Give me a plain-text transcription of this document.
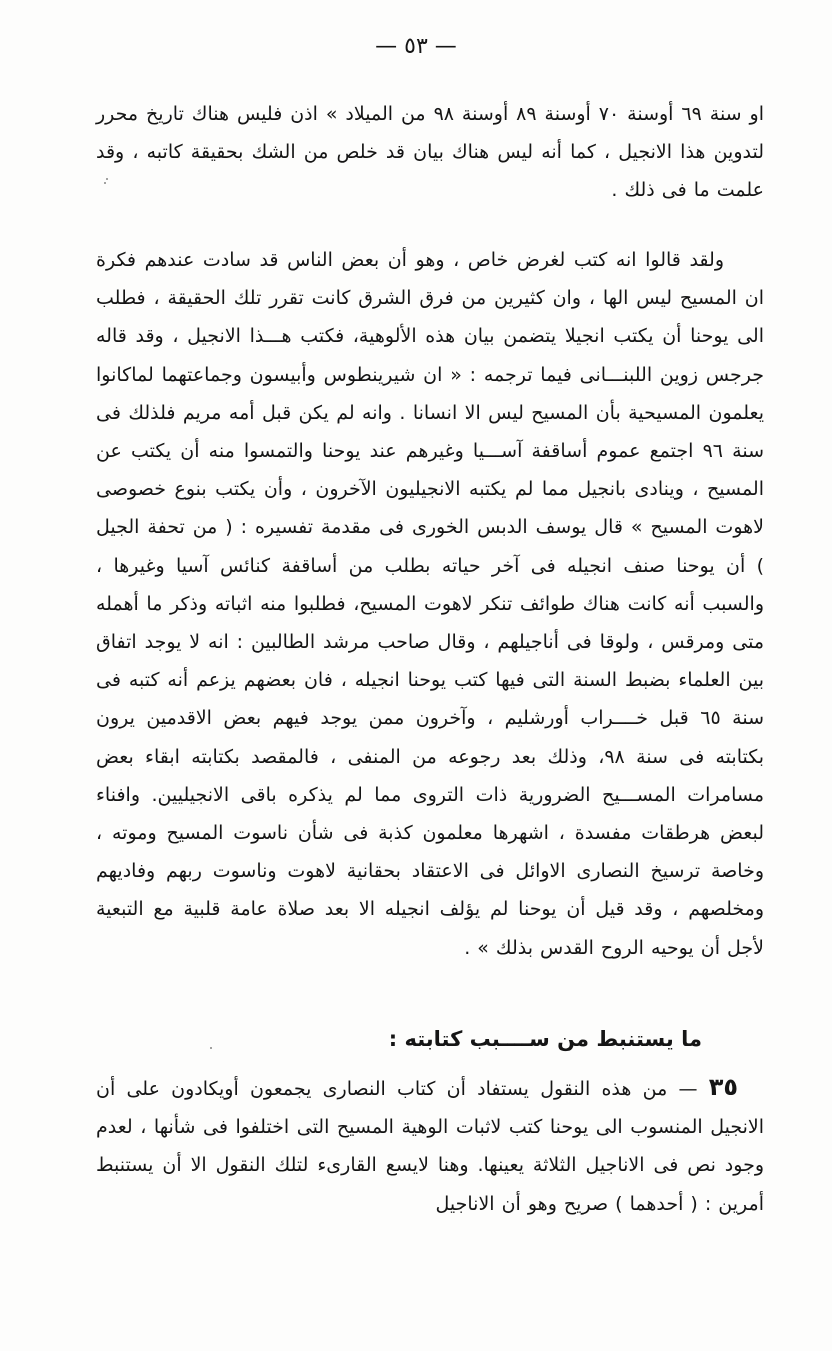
— ٥٣ —

او سنة ٦٩ أوسنة ٧٠ أوسنة ٨٩ أوسنة ٩٨ من الميلاد » اذن فليس هناك تاريخ محرر لتدوين هذا الانجيل ، كما أنه ليس هناك بيان قد خلص من الشك بحقيقة كاتبه ، وقد علمت ما فى ذلك .

ولقد قالوا انه كتب لغرض خاص ، وهو أن بعض الناس قد سادت عندهم فكرة ان المسيح ليس الها ، وان كثيرين من فرق الشرق كانت تقرر تلك الحقيقة ، فطلب الى يوحنا أن يكتب انجيلا يتضمن بيان هذه الألوهية، فكتب هـــذا الانجيل ، وقد قاله جرجس زوين اللبنـــانى فيما ترجمه : « ان شيرينطوس وأبيسون وجماعتهما لماكانوا يعلمون المسيحية بأن المسيح ليس الا انسانا . وانه لم يكن قبل أمه مريم فلذلك فى سنة ٩٦ اجتمع عموم أساقفة آســـيا وغيرهم عند يوحنا والتمسوا منه أن يكتب عن المسيح ، وينادى بانجيل مما لم يكتبه الانجيليون الآخرون ، وأن يكتب بنوع خصوصى لاهوت المسيح » قال يوسف الدبس الخورى فى مقدمة تفسيره : ( من تحفة الجيل ) أن يوحنا صنف انجيله فى آخر حياته بطلب من أساقفة كنائس آسيا وغيرها ، والسبب أنه كانت هناك طوائف تنكر لاهوت المسيح، فطلبوا منه اثباته وذكر ما أهمله متى ومرقس ، ولوقا فى أناجيلهم ، وقال صاحب مرشد الطالبين : انه لا يوجد اتفاق بين العلماء بضبط السنة التى فيها كتب يوحنا انجيله ، فان بعضهم يزعم أنه كتبه فى سنة ٦٥ قبل خــــراب أورشليم ، وآخرون ممن يوجد فيهم بعض الاقدمين يرون بكتابته فى سنة ٩٨، وذلك بعد رجوعه من المنفى ، فالمقصد بكتابته ابقاء بعض مسامرات المســـيح الضرورية ذات التروى مما لم يذكره باقى الانجيليين. وافناء لبعض هرطقات مفسدة ، اشهرها معلمون كذبة فى شأن ناسوت المسيح وموته ، وخاصة ترسيخ النصارى الاوائل فى الاعتقاد بحقانية لاهوت وناسوت ربهم وفاديهم ومخلصهم ، وقد قيل أن يوحنا لم يؤلف انجيله الا بعد صلاة عامة قلبية مع التبعية لأجل أن يوحيه الروح القدس بذلك » .

ما يستنبط من ســــبب كتابته :

٣٥ — من هذه النقول يستفاد أن كتاب النصارى يجمعون أويكادون على أن الانجيل المنسوب الى يوحنا كتب لاثبات الوهية المسيح التى اختلفوا فى شأنها ، لعدم وجود نص فى الاناجيل الثلاثة يعينها. وهنا لايسع القارىء لتلك النقول الا أن يستنبط أمرين : ( أحدهما ) صريح وهو أن الاناجيل
